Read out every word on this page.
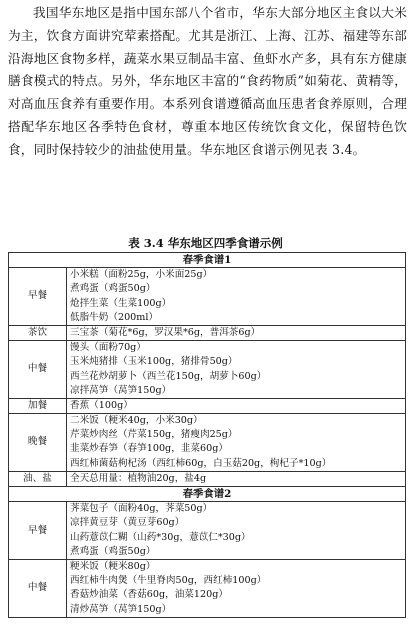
我国华东地区是指中国东部八个省市，华东大部分地区主食以大米为主，饮食方面讲究荤素搭配。尤其是浙江、上海、江苏、福建等东部沿海地区食物多样，蔬菜水果豆制品丰富、鱼虾水产多，具有东方健康膳食模式的特点。另外，华东地区丰富的“食药物质”如菊花、黄精等，对高血压食养有重要作用。本系列食谱遵循高血压患者食养原则，合理搭配华东地区各季特色食材，尊重本地区传统饮食文化，保留特色饮食，同时保持较少的油盐使用量。华东地区食谱示例见表 3.4。

表 3.4 华东地区四季食谱示例
春季食谱1	
早餐	小米糕（面粉25g，小米面25g）
煮鸡蛋（鸡蛋50g）
炝拌生菜（生菜100g）
低脂牛奶（200ml）

茶饮	三宝茶（菊花*6g，罗汉果*6g，普洱茶6g）

中餐	馒头（面粉70g）
玉米炖猪排（玉米100g，猪排骨50g）
西兰花炒胡萝卜（西兰花150g，胡萝卜60g）
凉拌莴笋（莴笋150g）

加餐	香蕉（100g）

晚餐	二米饭（粳米40g，小米30g）
芹菜炒肉丝（芹菜150g，猪瘦肉25g）
韭菜炒春笋（春笋100g，韭菜60g）
西红柿菌菇枸杞汤（西红柿60g，白玉菇20g，枸杞子*10g）

油、盐	全天总用量：植物油20g，盐4g

春季食谱2	
早餐	荠菜包子（面粉40g，荠菜50g）
凉拌黄豆芽（黄豆芽60g）
山药薏苡仁糊（山药*30g，薏苡仁*30g）
煮鸡蛋（鸡蛋50g）

中餐	粳米饭（粳米80g）
西红柿牛肉煲（牛里脊肉50g，西红柿100g）
香菇炒油菜（香菇60g，油菜120g）
清炒莴笋（莴笋150g）
